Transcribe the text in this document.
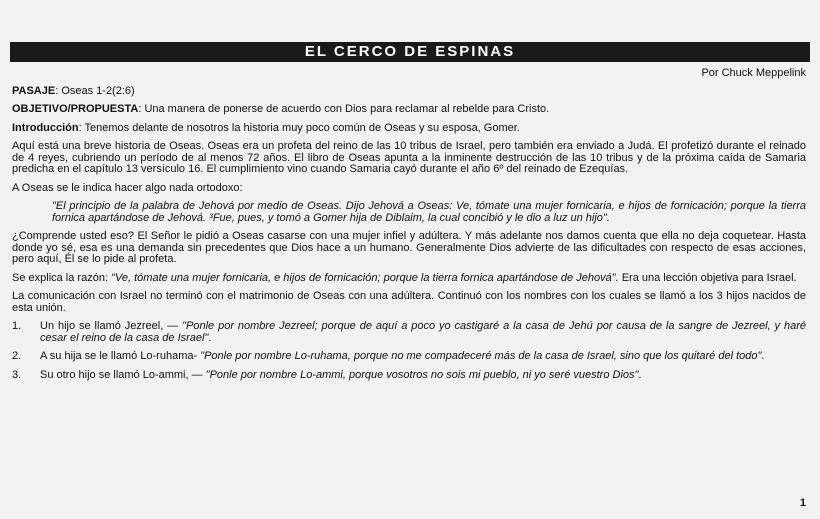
EL CERCO DE ESPINAS

Por Chuck Meppelink

PASAJE: Oseas 1-2(2:6)

OBJETIVO/PROPUESTA: Una manera de ponerse de acuerdo con Dios para reclamar al rebelde para Cristo.

Introducción: Tenemos delante de nosotros la historia muy poco común de Oseas y su esposa, Gomer.

Aquí está una breve historia de Oseas. Oseas era un profeta del reino de las 10 tribus de Israel, pero también era enviado a Judá. El profetizó durante el reinado de 4 reyes, cubriendo un período de al menos 72 años. El libro de Oseas apunta a la inminente destrucción de las 10 tribus y de la próxima caída de Samaria predicha en el capítulo 13 versículo 16. El cumplimiento vino cuando Samaria cayó durante el año 6º del reinado de Ezequías.

A Oseas se le indica hacer algo nada ortodoxo:

"El principio de la palabra de Jehová por medio de Oseas. Dijo Jehová a Oseas: Ve, tómate una mujer fornicaria, e hijos de fornicación; porque la tierra fornica apartándose de Jehová. ³Fue, pues, y tomó a Gomer hija de Diblaim, la cual concibió y le dio a luz un hijo".

¿Comprende usted eso? El Señor le pidió a Oseas casarse con una mujer infiel y adúltera. Y más adelante nos damos cuenta que ella no deja coquetear. Hasta donde yo sé, esa es una demanda sin precedentes que Dios hace a un humano. Generalmente Dios advierte de las dificultades con respecto de esas acciones, pero aquí, Él se lo pide al profeta.

Se explica la razón: "Ve, tómate una mujer fornicaria, e hijos de fornicación; porque la tierra fornica apartándose de Jehová". Era una lección objetiva para Israel.

La comunicación con Israel no terminó con el matrimonio de Oseas con una adúltera. Continuó con los nombres con los cuales se llamó a los 3 hijos nacidos de esta unión.

1. Un hijo se llamó Jezreel, — "Ponle por nombre Jezreel; porque de aquí a poco yo castigaré a la casa de Jehú por causa de la sangre de Jezreel, y haré cesar el reino de la casa de Israel".
2. A su hija se le llamó Lo-ruhama- "Ponle por nombre Lo-ruhama, porque no me compadeceré más de la casa de Israel, sino que los quitaré del todo".
3. Su otro hijo se llamó Lo-ammi, — "Ponle por nombre Lo-ammi, porque vosotros no sois mi pueblo, ni yo seré vuestro Dios".
1
